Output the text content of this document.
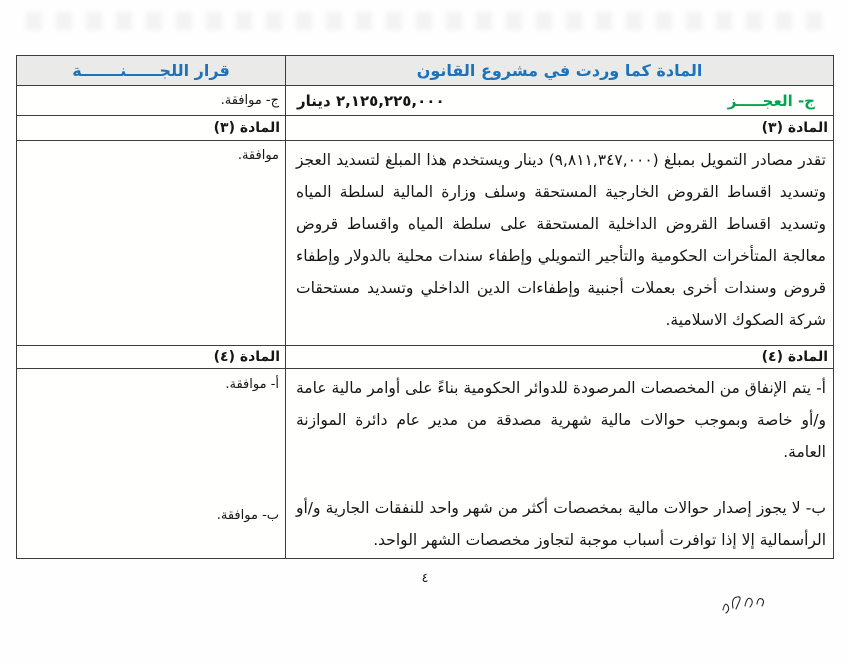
المادة كما وردت في مشروع القانون
قرار اللجــــــنـــــــة
ج- العجـــــز
٢,١٢٥,٢٢٥,٠٠٠ دينار
ج- موافقة.
المادة (٣)
المادة (٣)
تقدر مصادر التمويل بمبلغ (٩,٨١١,٣٤٧,٠٠٠) دينار ويستخدم هذا المبلغ لتسديد العجز وتسديد اقساط القروض الخارجية المستحقة وسلف وزارة المالية لسلطة المياه وتسديد اقساط القروض الداخلية المستحقة على سلطة المياه واقساط قروض معالجة المتأخرات الحكومية والتأجير التمويلي وإطفاء سندات محلية بالدولار وإطفاء قروض وسندات أخرى بعملات أجنبية وإطفاءات الدين الداخلي وتسديد مستحقات شركة الصكوك الاسلامية.
موافقة.
المادة (٤)
المادة (٤)

أ- يتم الإنفاق من المخصصات المرصودة للدوائر الحكومية بناءً على أوامر مالية عامة و/أو خاصة وبموجب حوالات مالية شهرية مصدقة من مدير عام دائرة الموازنة العامة.

ب- لا يجوز إصدار حوالات مالية بمخصصات أكثر من شهر واحد للنفقات الجارية و/أو الرأسمالية إلا إذا توافرت أسباب موجبة لتجاوز مخصصات الشهر الواحد.

أ- موافقة.
ب- موافقة.
٤
